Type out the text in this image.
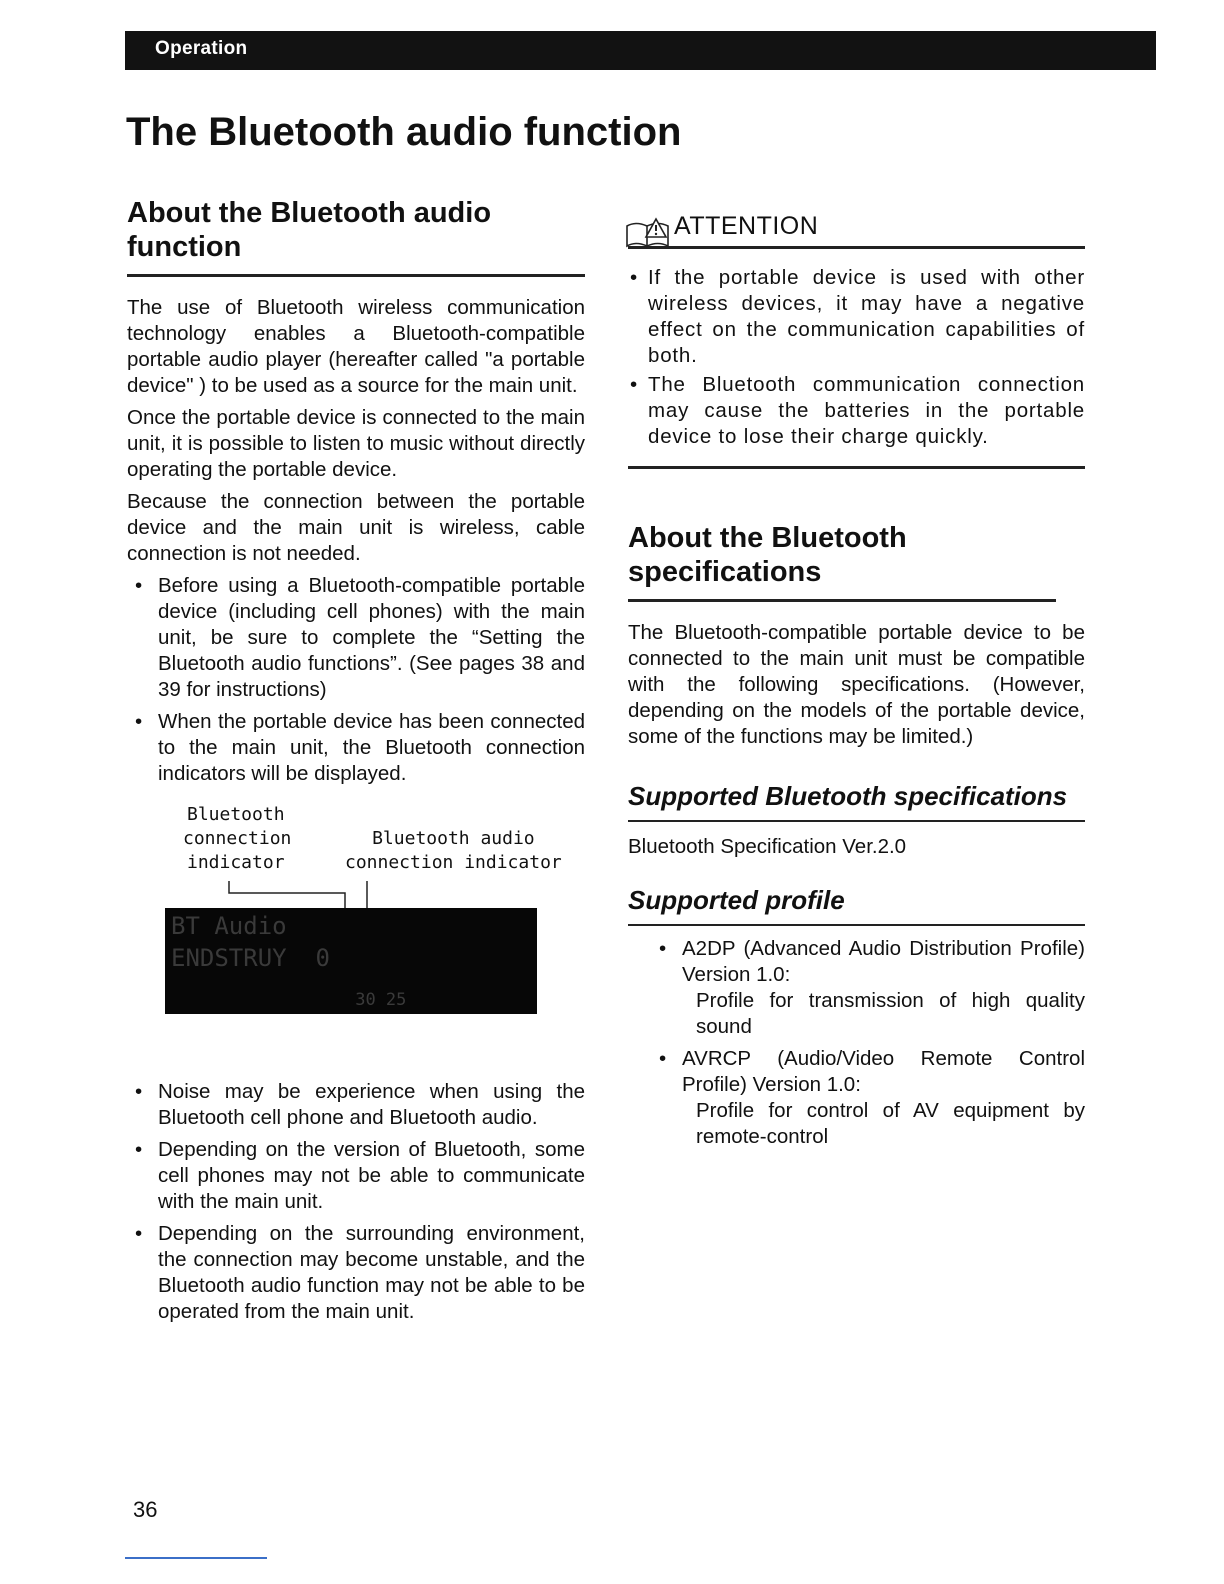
Operation
The Bluetooth audio function
About the Bluetooth audio function

The use of Bluetooth wireless communication technology enables a Bluetooth-compatible portable audio player (hereafter called "a portable device" ) to be used as a source for the main unit.

Once the portable device is connected to the main unit, it is possible to listen to music without directly operating the portable device.

Because the connection between the portable device and the main unit is wireless, cable connection is not needed.

• Before using a Bluetooth-compatible portable device (including cell phones) with the main unit, be sure to complete the “Setting the Bluetooth audio functions”. (See pages 38 and 39 for instructions)
• When the portable device has been connected to the main unit, the Bluetooth connection indicators will be displayed.
Bluetooth
connection
indicator
Bluetooth audio
connection indicator
BT Audio
ENDSTRUY  0
30 25
• Noise may be experience when using the Bluetooth cell phone and Bluetooth audio.
• Depending on the version of Bluetooth, some cell phones may not be able to communicate with the main unit.
• Depending on the surrounding environment, the connection may become unstable, and the Bluetooth audio function may not be able to be operated from the main unit.
ATTENTION
• If the portable device is used with other wireless devices, it may have a negative effect on the communication capabilities of both.
• The Bluetooth communication connection may cause the batteries in the portable device to lose their charge quickly.
About the Bluetooth specifications

The Bluetooth-compatible portable device to be connected to the main unit must be compatible with the following specifications. (However, depending on the models of the portable device, some of the functions may be limited.)

Supported Bluetooth specifications

Bluetooth Specification Ver.2.0

Supported profile
• A2DP (Advanced Audio Distribution Profile) Version 1.0:
Profile for transmission of high quality sound
• AVRCP (Audio/Video Remote Control Profile) Version 1.0:
Profile for control of AV equipment by remote-control
36
